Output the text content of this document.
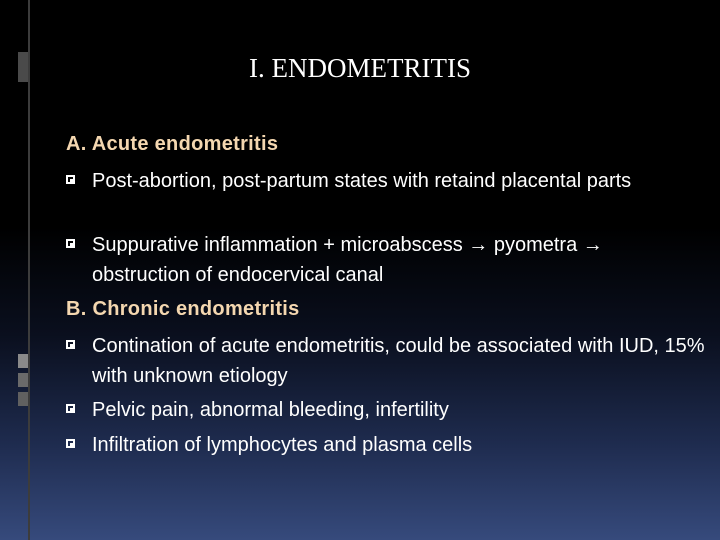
I. ENDOMETRITIS
A. Acute endometritis
Post-abortion, post-partum states with retaind placental parts
Suppurative inflammation + microabscess → pyometra → obstruction of endocervical canal
B. Chronic endometritis
Contination of acute endometritis, could be associated with IUD, 15% with unknown etiology
Pelvic pain, abnormal bleeding, infertility
Infiltration of lymphocytes and plasma cells
